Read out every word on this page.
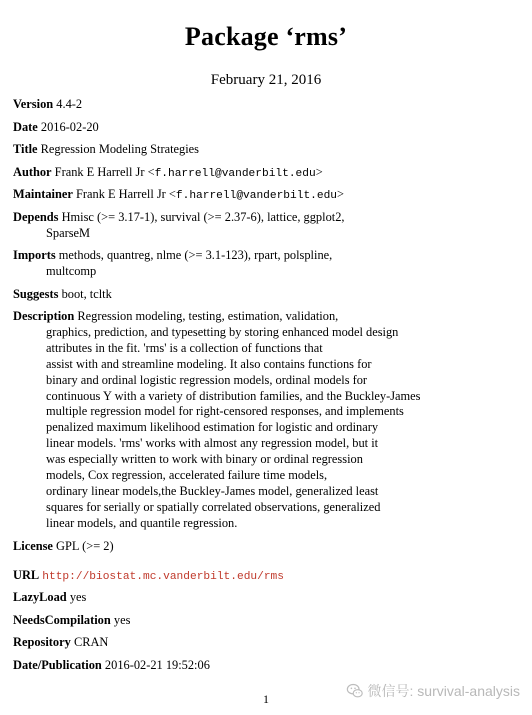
Package ‘rms’
February 21, 2016
Version 4.4-2
Date 2016-02-20
Title Regression Modeling Strategies
Author Frank E Harrell Jr <f.harrell@vanderbilt.edu>
Maintainer Frank E Harrell Jr <f.harrell@vanderbilt.edu>
Depends Hmisc (>= 3.17-1), survival (>= 2.37-6), lattice, ggplot2,
SparseM
Imports methods, quantreg, nlme (>= 3.1-123), rpart, polspline,
multcomp
Suggests boot, tcltk
Description Regression modeling, testing, estimation, validation,
graphics, prediction, and typesetting by storing enhanced model design
attributes in the fit. 'rms' is a collection of functions that
assist with and streamline modeling. It also contains functions for
binary and ordinal logistic regression models, ordinal models for
continuous Y with a variety of distribution families, and the Buckley-James
multiple regression model for right-censored responses, and implements
penalized maximum likelihood estimation for logistic and ordinary
linear models. 'rms' works with almost any regression model, but it
was especially written to work with binary or ordinal regression
models, Cox regression, accelerated failure time models,
ordinary linear models,the Buckley-James model, generalized least
squares for serially or spatially correlated observations, generalized
linear models, and quantile regression.
License GPL (>= 2)
URL http://biostat.mc.vanderbilt.edu/rms
LazyLoad yes
NeedsCompilation yes
Repository CRAN
Date/Publication 2016-02-21 19:52:06
微信号: survival-analysis
1
